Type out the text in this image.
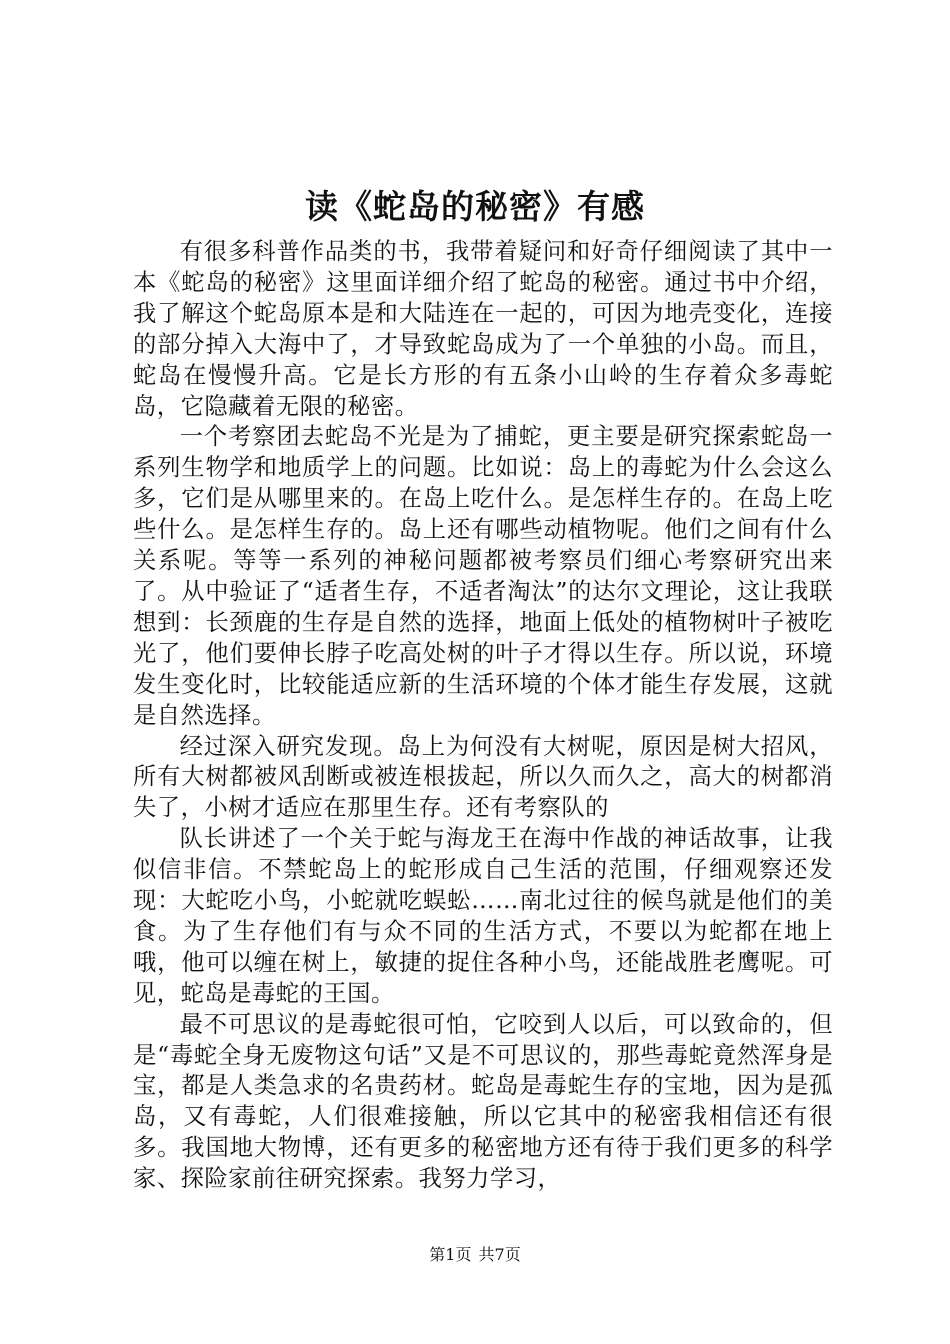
读《蛇岛的秘密》有感

有很多科普作品类的书，我带着疑问和好奇仔细阅读了其中一本《蛇岛的秘密》这里面详细介绍了蛇岛的秘密。通过书中介绍，我了解这个蛇岛原本是和大陆连在一起的，可因为地壳变化，连接的部分掉入大海中了，才导致蛇岛成为了一个单独的小岛。而且，蛇岛在慢慢升高。它是长方形的有五条小山岭的生存着众多毒蛇岛，它隐藏着无限的秘密。

一个考察团去蛇岛不光是为了捕蛇，更主要是研究探索蛇岛一系列生物学和地质学上的问题。比如说：岛上的毒蛇为什么会这么多，它们是从哪里来的。在岛上吃什么。是怎样生存的。在岛上吃些什么。是怎样生存的。岛上还有哪些动植物呢。他们之间有什么关系呢。等等一系列的神秘问题都被考察员们细心考察研究出来了。从中验证了“适者生存，不适者淘汰”的达尔文理论，这让我联想到：长颈鹿的生存是自然的选择，地面上低处的植物树叶子被吃光了，他们要伸长脖子吃高处树的叶子才得以生存。所以说，环境发生变化时，比较能适应新的生活环境的个体才能生存发展，这就是自然选择。

经过深入研究发现。岛上为何没有大树呢，原因是树大招风，所有大树都被风刮断或被连根拔起，所以久而久之，高大的树都消失了，小树才适应在那里生存。还有考察队的

队长讲述了一个关于蛇与海龙王在海中作战的神话故事，让我似信非信。不禁蛇岛上的蛇形成自己生活的范围，仔细观察还发现：大蛇吃小鸟，小蛇就吃蜈蚣……南北过往的候鸟就是他们的美食。为了生存他们有与众不同的生活方式，不要以为蛇都在地上哦，他可以缠在树上，敏捷的捉住各种小鸟，还能战胜老鹰呢。可见，蛇岛是毒蛇的王国。

最不可思议的是毒蛇很可怕，它咬到人以后，可以致命的，但是“毒蛇全身无废物这句话”又是不可思议的，那些毒蛇竟然浑身是宝，都是人类急求的名贵药材。蛇岛是毒蛇生存的宝地，因为是孤岛，又有毒蛇，人们很难接触，所以它其中的秘密我相信还有很多。我国地大物博，还有更多的秘密地方还有待于我们更多的科学家、探险家前往研究探索。我努力学习，

第1页 共7页
